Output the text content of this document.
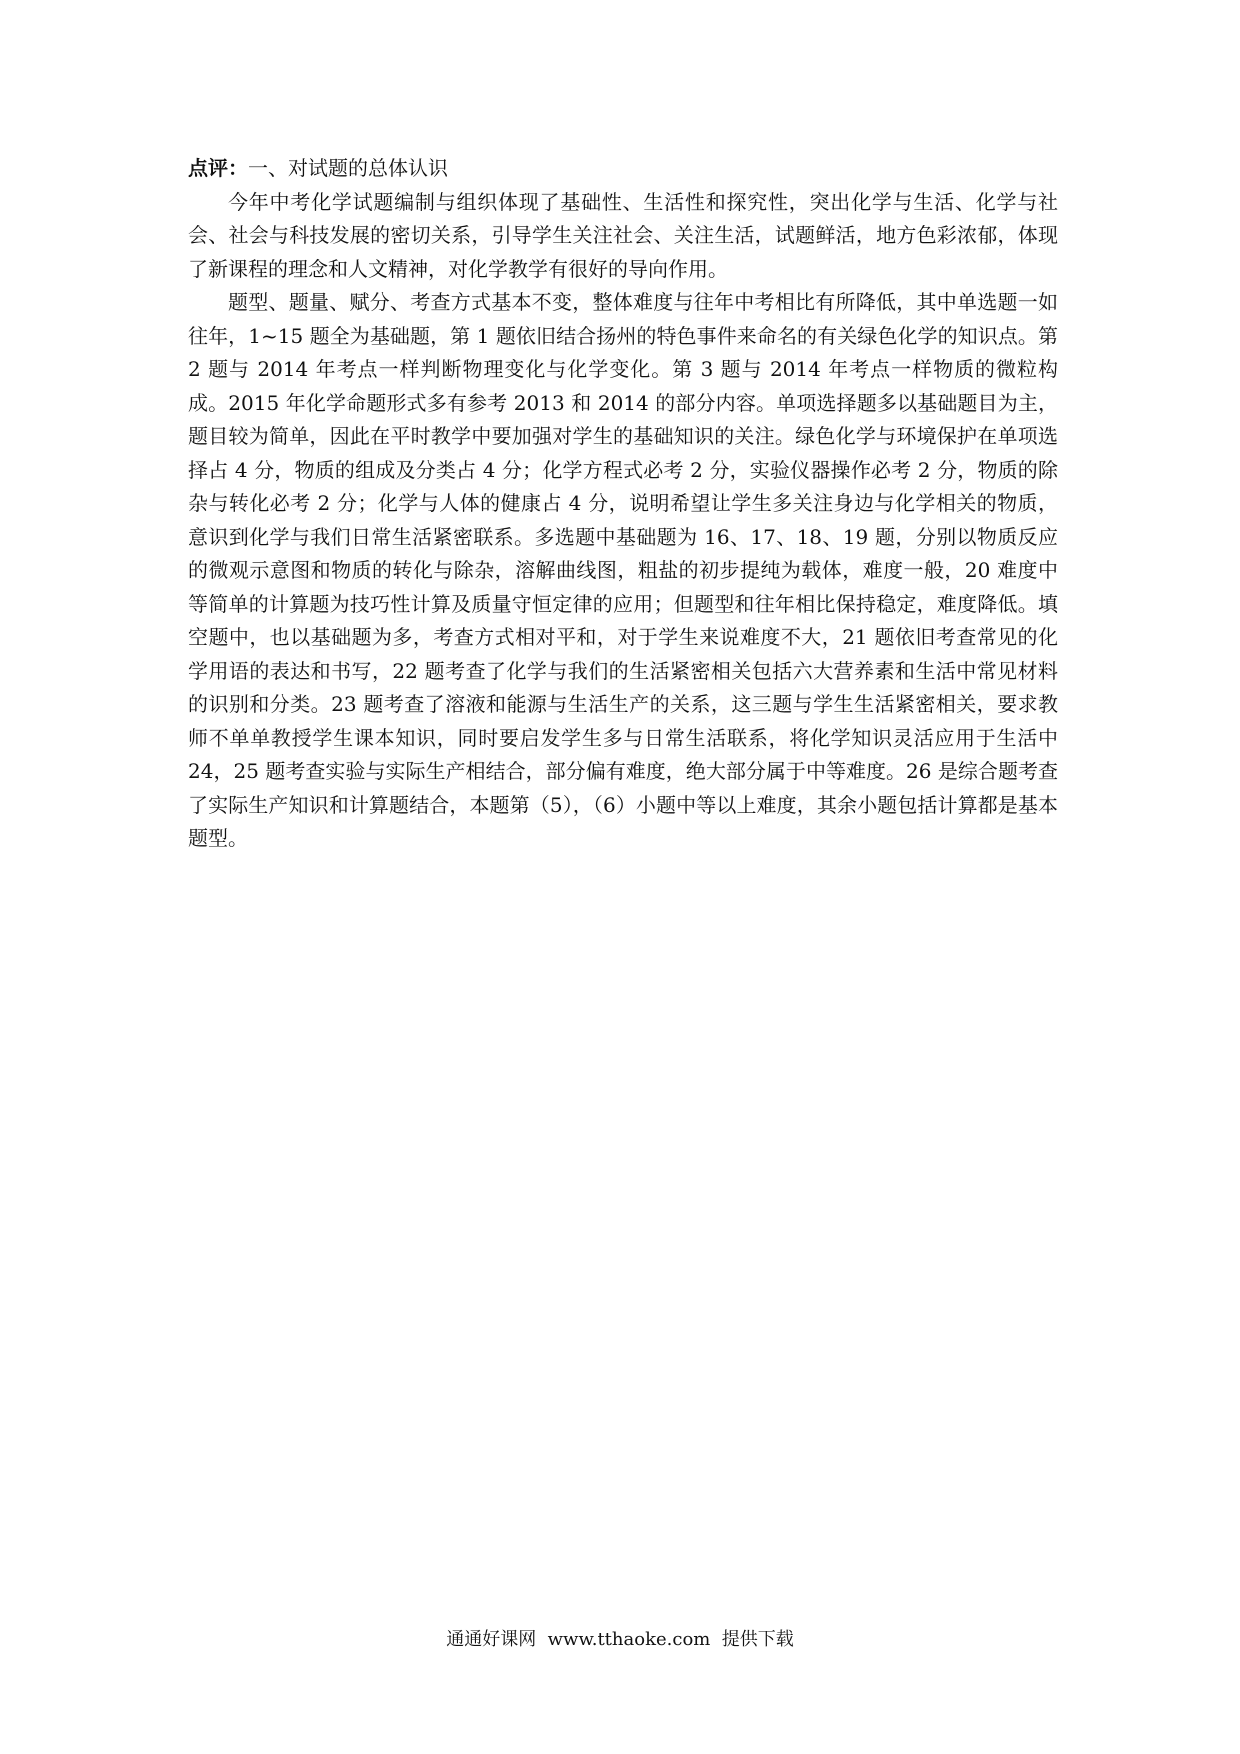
点评：一、对试题的总体认识

今年中考化学试题编制与组织体现了基础性、生活性和探究性，突出化学与生活、化学与社会、社会与科技发展的密切关系，引导学生关注社会、关注生活，试题鲜活，地方色彩浓郁，体现了新课程的理念和人文精神，对化学教学有很好的导向作用。

题型、题量、赋分、考查方式基本不变，整体难度与往年中考相比有所降低，其中单选题一如往年，1~15 题全为基础题，第 1 题依旧结合扬州的特色事件来命名的有关绿色化学的知识点。第 2 题与 2014 年考点一样判断物理变化与化学变化。第 3 题与 2014 年考点一样物质的微粒构成。2015 年化学命题形式多有参考 2013 和 2014 的部分内容。单项选择题多以基础题目为主，题目较为简单，因此在平时教学中要加强对学生的基础知识的关注。绿色化学与环境保护在单项选择占 4 分，物质的组成及分类占 4 分；化学方程式必考 2 分，实验仪器操作必考 2 分，物质的除杂与转化必考 2 分；化学与人体的健康占 4 分，说明希望让学生多关注身边与化学相关的物质，意识到化学与我们日常生活紧密联系。多选题中基础题为 16、17、18、19 题，分别以物质反应的微观示意图和物质的转化与除杂，溶解曲线图，粗盐的初步提纯为载体，难度一般，20 难度中等简单的计算题为技巧性计算及质量守恒定律的应用；但题型和往年相比保持稳定，难度降低。填空题中，也以基础题为多，考查方式相对平和，对于学生来说难度不大，21 题依旧考查常见的化学用语的表达和书写，22 题考查了化学与我们的生活紧密相关包括六大营养素和生活中常见材料的识别和分类。23 题考查了溶液和能源与生活生产的关系，这三题与学生生活紧密相关，要求教师不单单教授学生课本知识，同时要启发学生多与日常生活联系，将化学知识灵活应用于生活中 24，25 题考查实验与实际生产相结合，部分偏有难度，绝大部分属于中等难度。26 是综合题考查了实际生产知识和计算题结合，本题第（5），（6）小题中等以上难度，其余小题包括计算都是基本题型。

通通好课网  www.tthaoke.com  提供下载
